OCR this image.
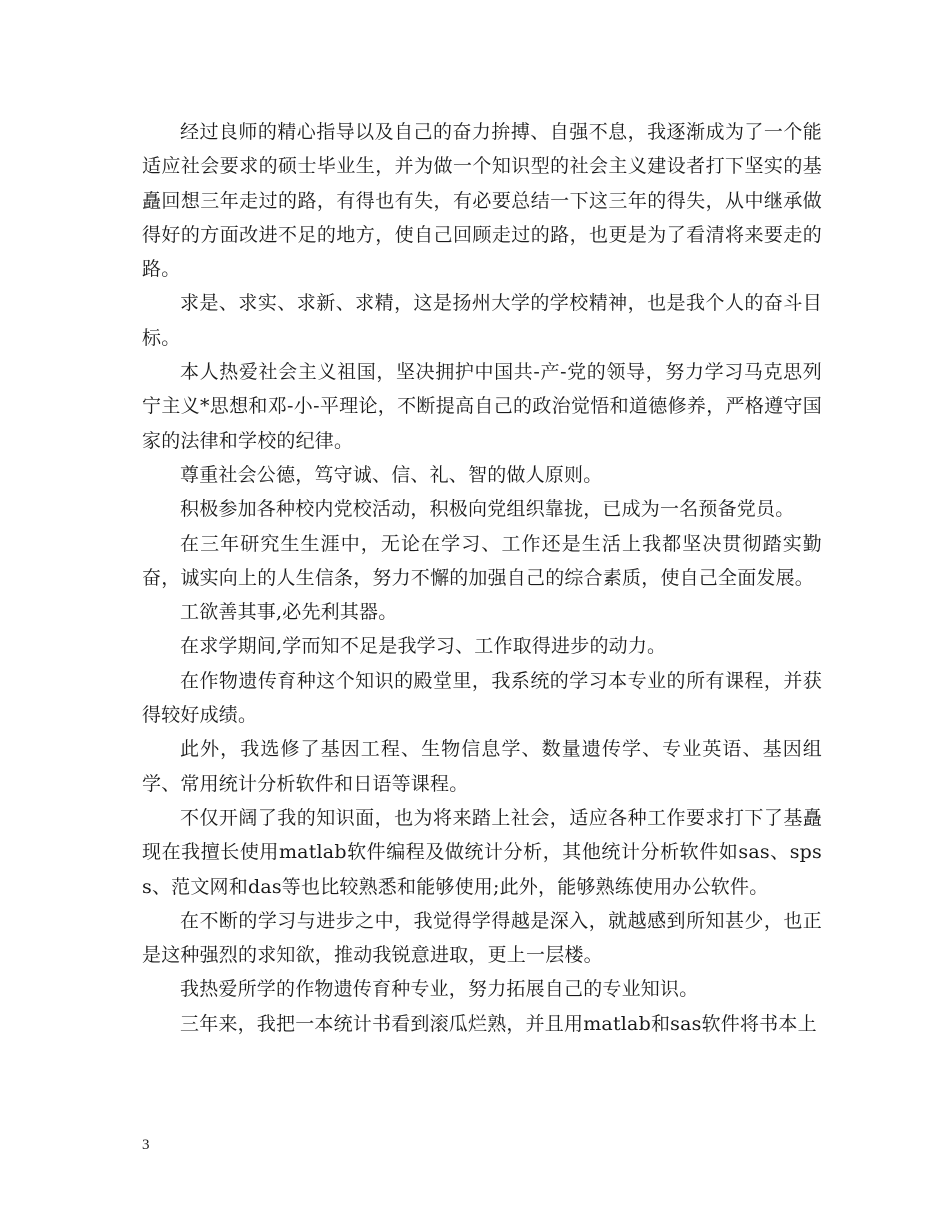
经过良师的精心指导以及自己的奋力拚搏、自强不息，我逐渐成为了一个能适应社会要求的硕士毕业生，并为做一个知识型的社会主义建设者打下坚实的基矗回想三年走过的路，有得也有失，有必要总结一下这三年的得失，从中继承做得好的方面改进不足的地方，使自己回顾走过的路，也更是为了看清将来要走的路。

求是、求实、求新、求精，这是扬州大学的学校精神，也是我个人的奋斗目标。

本人热爱社会主义祖国，坚决拥护中国共-产-党的领导，努力学习马克思列宁主义*思想和邓-小-平理论，不断提高自己的政治觉悟和道德修养，严格遵守国家的法律和学校的纪律。

尊重社会公德，笃守诚、信、礼、智的做人原则。

积极参加各种校内党校活动，积极向党组织靠拢，已成为一名预备党员。

在三年研究生生涯中，无论在学习、工作还是生活上我都坚决贯彻踏实勤奋，诚实向上的人生信条，努力不懈的加强自己的综合素质，使自己全面发展。

工欲善其事,必先利其器。

在求学期间,学而知不足是我学习、工作取得进步的动力。

在作物遗传育种这个知识的殿堂里，我系统的学习本专业的所有课程，并获得较好成绩。

此外，我选修了基因工程、生物信息学、数量遗传学、专业英语、基因组学、常用统计分析软件和日语等课程。

不仅开阔了我的知识面，也为将来踏上社会，适应各种工作要求打下了基矗现在我擅长使用matlab软件编程及做统计分析，其他统计分析软件如sas、spss、范文网和das等也比较熟悉和能够使用;此外，能够熟练使用办公软件。

在不断的学习与进步之中，我觉得学得越是深入，就越感到所知甚少，也正是这种强烈的求知欲，推动我锐意进取，更上一层楼。

我热爱所学的作物遗传育种专业，努力拓展自己的专业知识。

三年来，我把一本统计书看到滚瓜烂熟，并且用matlab和sas软件将书本上

3
